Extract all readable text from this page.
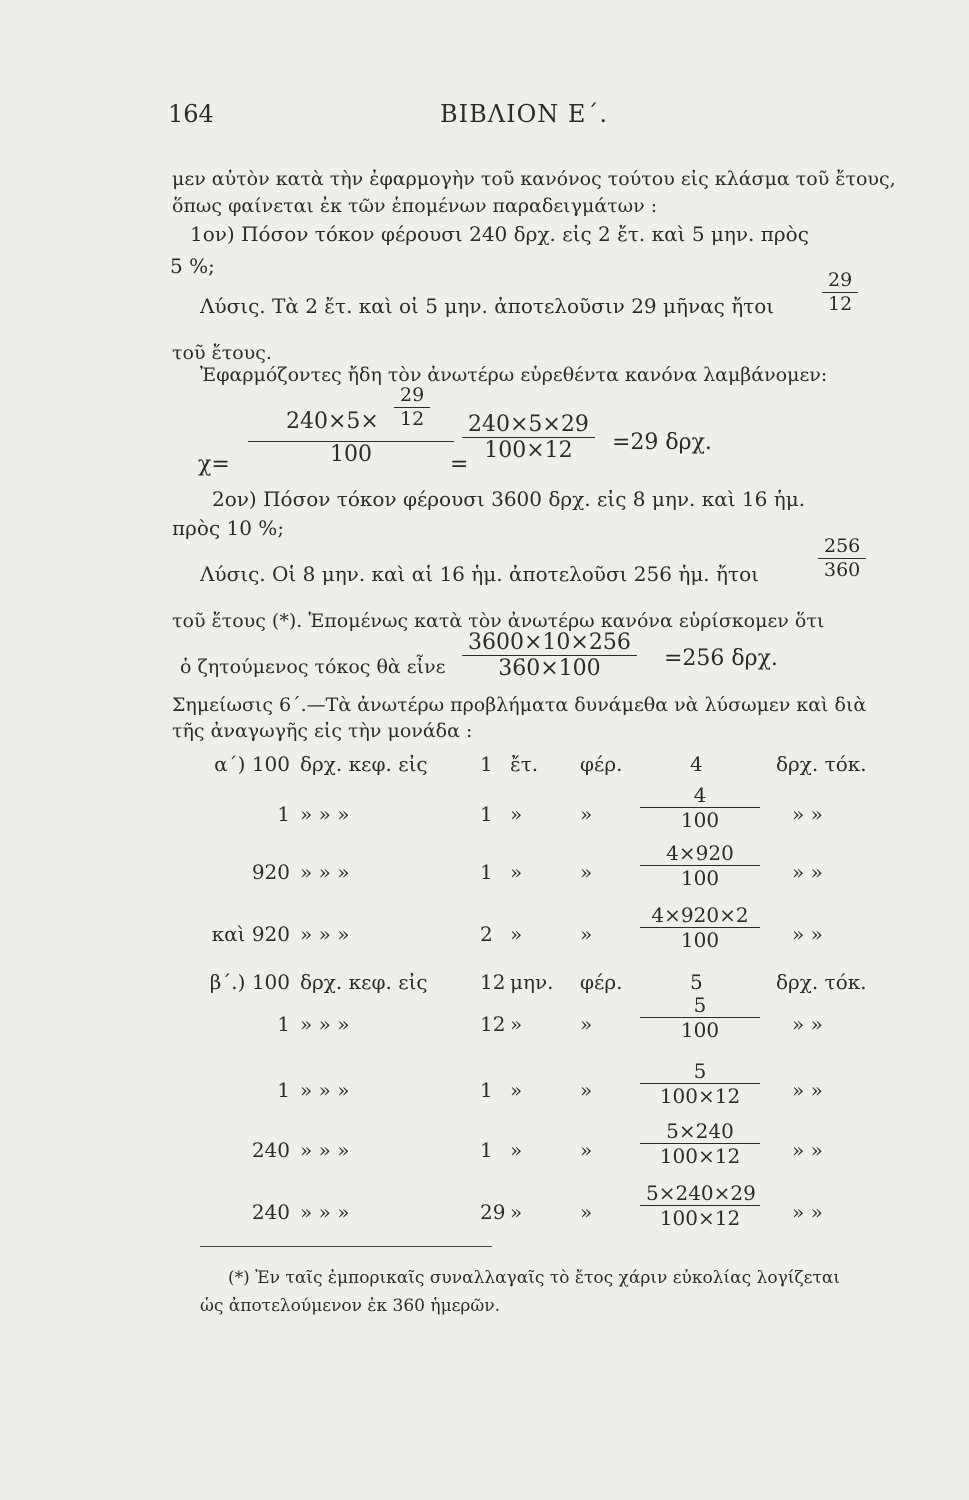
164	ΒΙΒΛΙΟΝ Ε΄.
μεν αὐτὸν κατὰ τὴν ἐφαρμογὴν τοῦ κανόνος τούτου εἰς κλάσμα τοῦ ἔτους,
ὅπως φαίνεται ἐκ τῶν ἑπομένων παραδειγμάτων :
1ον) Πόσον τόκον φέρουσι 240 δρχ. εἰς 2 ἔτ. καὶ 5 μην. πρὸς
5 %;
Λύσις. Τὰ 2 ἔτ. καὶ οἱ 5 μην. ἀποτελοῦσιν 29 μῆνας ἤτοι	$\frac{29}{12}$
τοῦ ἔτους.
Ἐφαρμόζοντες ἤδη τὸν ἀνωτέρω εὑρεθέντα κανόνα λαμβάνομεν:
$\chi= \frac{240\times 5\times \frac{29}{12}}{100}$
=
$\frac{240\times 5\times 29}{100\times 12} =29$ δρχ.
2ον) Πόσον τόκον φέρουσι 3600 δρχ. εἰς 8 μην. καὶ 16 ἡμ.
πρὸς 10 %;
Λύσις. Οἱ 8 μην. καὶ αἱ 16 ἡμ. ἀποτελοῦσι 256 ἡμ. ἤτοι	$\frac{256}{360}$
τοῦ ἔτους (*). Ἑπομένως κατὰ τὸν ἀνωτέρω κανόνα εὑρίσκομεν ὅτι
ὁ ζητούμενος τόκος θὰ εἶνε $\frac{3600\times 10\times 256}{360\times 100} =256$ δρχ.
Σημείωσις 6΄.—Τὰ ἀνωτέρω προβλήματα δυνάμεθα νὰ λύσωμεν καὶ διὰ
τῆς ἀναγωγῆς εἰς τὴν μονάδα :
α΄) 100 δρχ. κεφ. εἰς	1 ἔτ. φέρ.	4	δρχ. τόκ.
1 » » »	1 »	» $\frac{4}{100}$ » »
920 » » »	1 »	» $\frac{4\times 920}{100}$ » »
καὶ 920 » » »	2 »	» $\frac{4\times 920\times 2}{100}$ » »
β΄.) 100 δρχ. κεφ. εἰς	12 μην. φέρ.	5	δρχ. τόκ.
1 » » »	12 »	» $\frac{5}{100}$ » »
1 » » »	1 »	» $\frac{5}{100\times 12}$ » »
240 » » »	1 »	» $\frac{5\times 240}{100\times 12}$ » »
240 » » »	29 »	» $\frac{5\times 240\times 29}{100\times 12}$ » »
(*) Ἐν ταῖς ἐμπορικαῖς συναλλαγαῖς τὸ ἔτος χάριν εὐκολίας λογίζεται
ὡς ἀποτελούμενον ἐκ 360 ἡμερῶν.
